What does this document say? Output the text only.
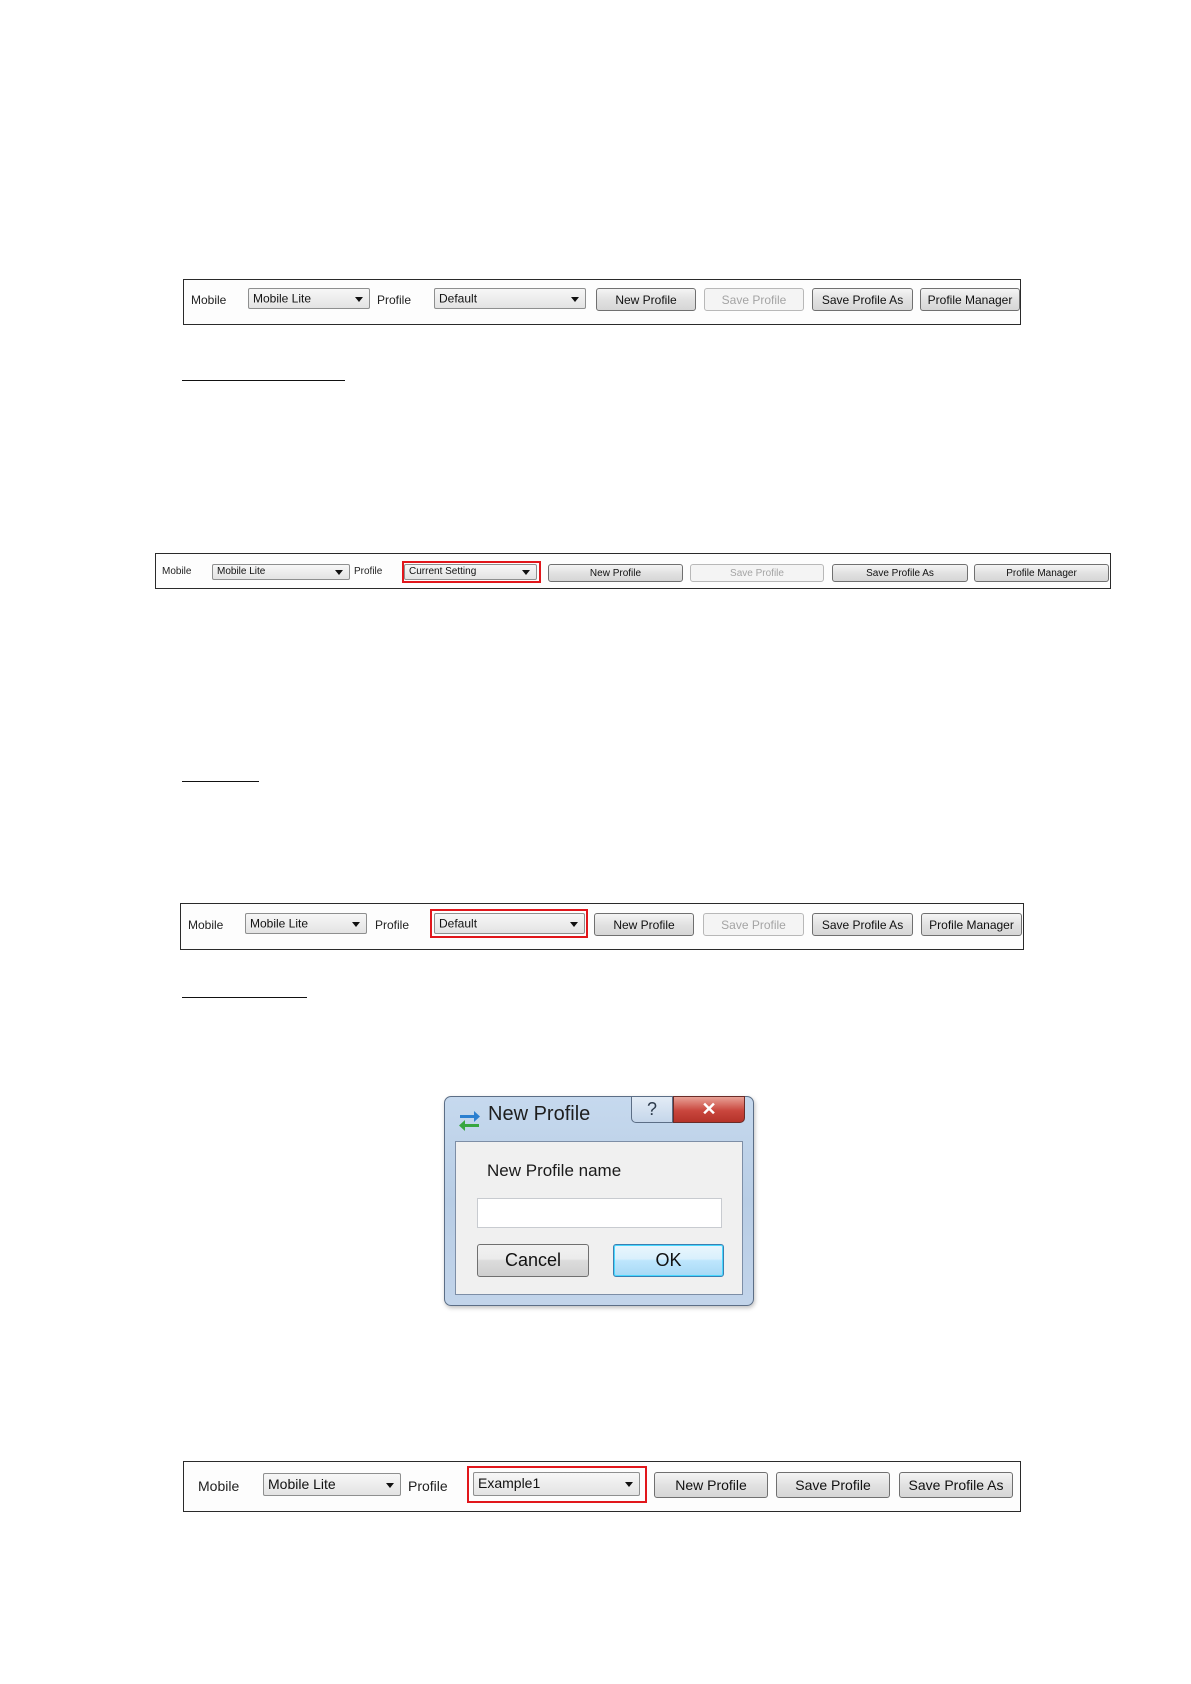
Mobile Mobile Lite	Profile Default	New Profile	Save Profile	Save Profile As	Profile Manager
Mobile	Mobile Lite	Profile	Current Setting	New Profile	Save Profile	Save Profile As	Profile Manager
Mobile Mobile Lite	Profile Default	New Profile	Save Profile	Save Profile As	Profile Manager
New Profile	? ✕
New Profile name
Cancel	OK
Mobile Mobile Lite	Profile Example1	New Profile	Save Profile	Save Profile As
